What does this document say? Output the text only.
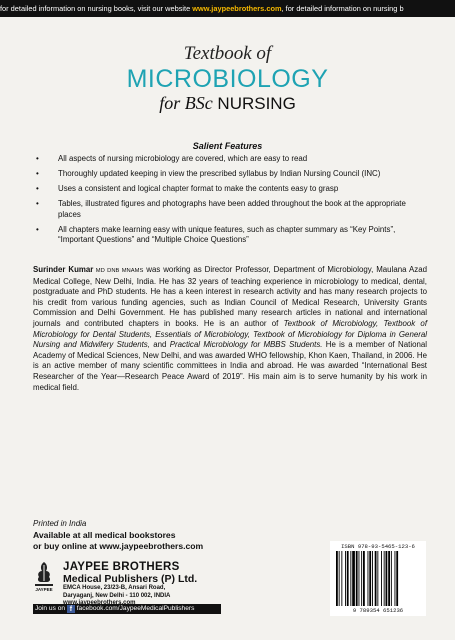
for detailed information on nursing books, visit our website www.jaypeebrothers.com, for detailed information on nursing b
Textbook of
MICROBIOLOGY
for BSc NURSING
Salient Features
• All aspects of nursing microbiology are covered, which are easy to read
• Thoroughly updated keeping in view the prescribed syllabus by Indian Nursing Council (INC)
• Uses a consistent and logical chapter format to make the contents easy to grasp
• Tables, illustrated figures and photographs have been added throughout the book at the appropriate places
• All chapters make learning easy with unique features, such as chapter summary as “Key Points”, “Important Questions” and “Multiple Choice Questions”
Surinder Kumar MD DNB MNAMS was working as Director Professor, Department of Microbiology, Maulana Azad Medical College, New Delhi, India. He has 32 years of teaching experience in microbiology to medical, dental, postgraduate and PhD students. He has a keen interest in research activity and has many research projects to his credit from various funding agencies, such as Indian Council of Medical Research, University Grants Commission and Delhi Government. He has published many research articles in national and international journals and contributed chapters in books. He is an author of Textbook of Microbiology, Textbook of Microbiology for Dental Students, Essentials of Microbiology, Textbook of Microbiology for Diploma in General Nursing and Midwifery Students, and Practical Microbiology for MBBS Students. He is a member of National Academy of Medical Sciences, New Delhi, and was awarded WHO fellowship, Khon Kaen, Thailand, in 2006. He is an active member of many scientific committees in India and abroad. He was awarded “International Best Researcher of the Year—Research Peace Award of 2019”. His main aim is to serve humanity by his work in medical field.
Printed in India
Available at all medical bookstores
or buy online at www.jaypeebrothers.com
JAYPEE
JAYPEE BROTHERS
Medical Publishers (P) Ltd.
EMCA House, 23/23-B, Ansari Road,
Daryaganj, New Delhi - 110 002, INDIA
Join us on f facebook.com/JaypeeMedicalPublishers
ISBN 978-93-5465-123-6
9 789354 651236
